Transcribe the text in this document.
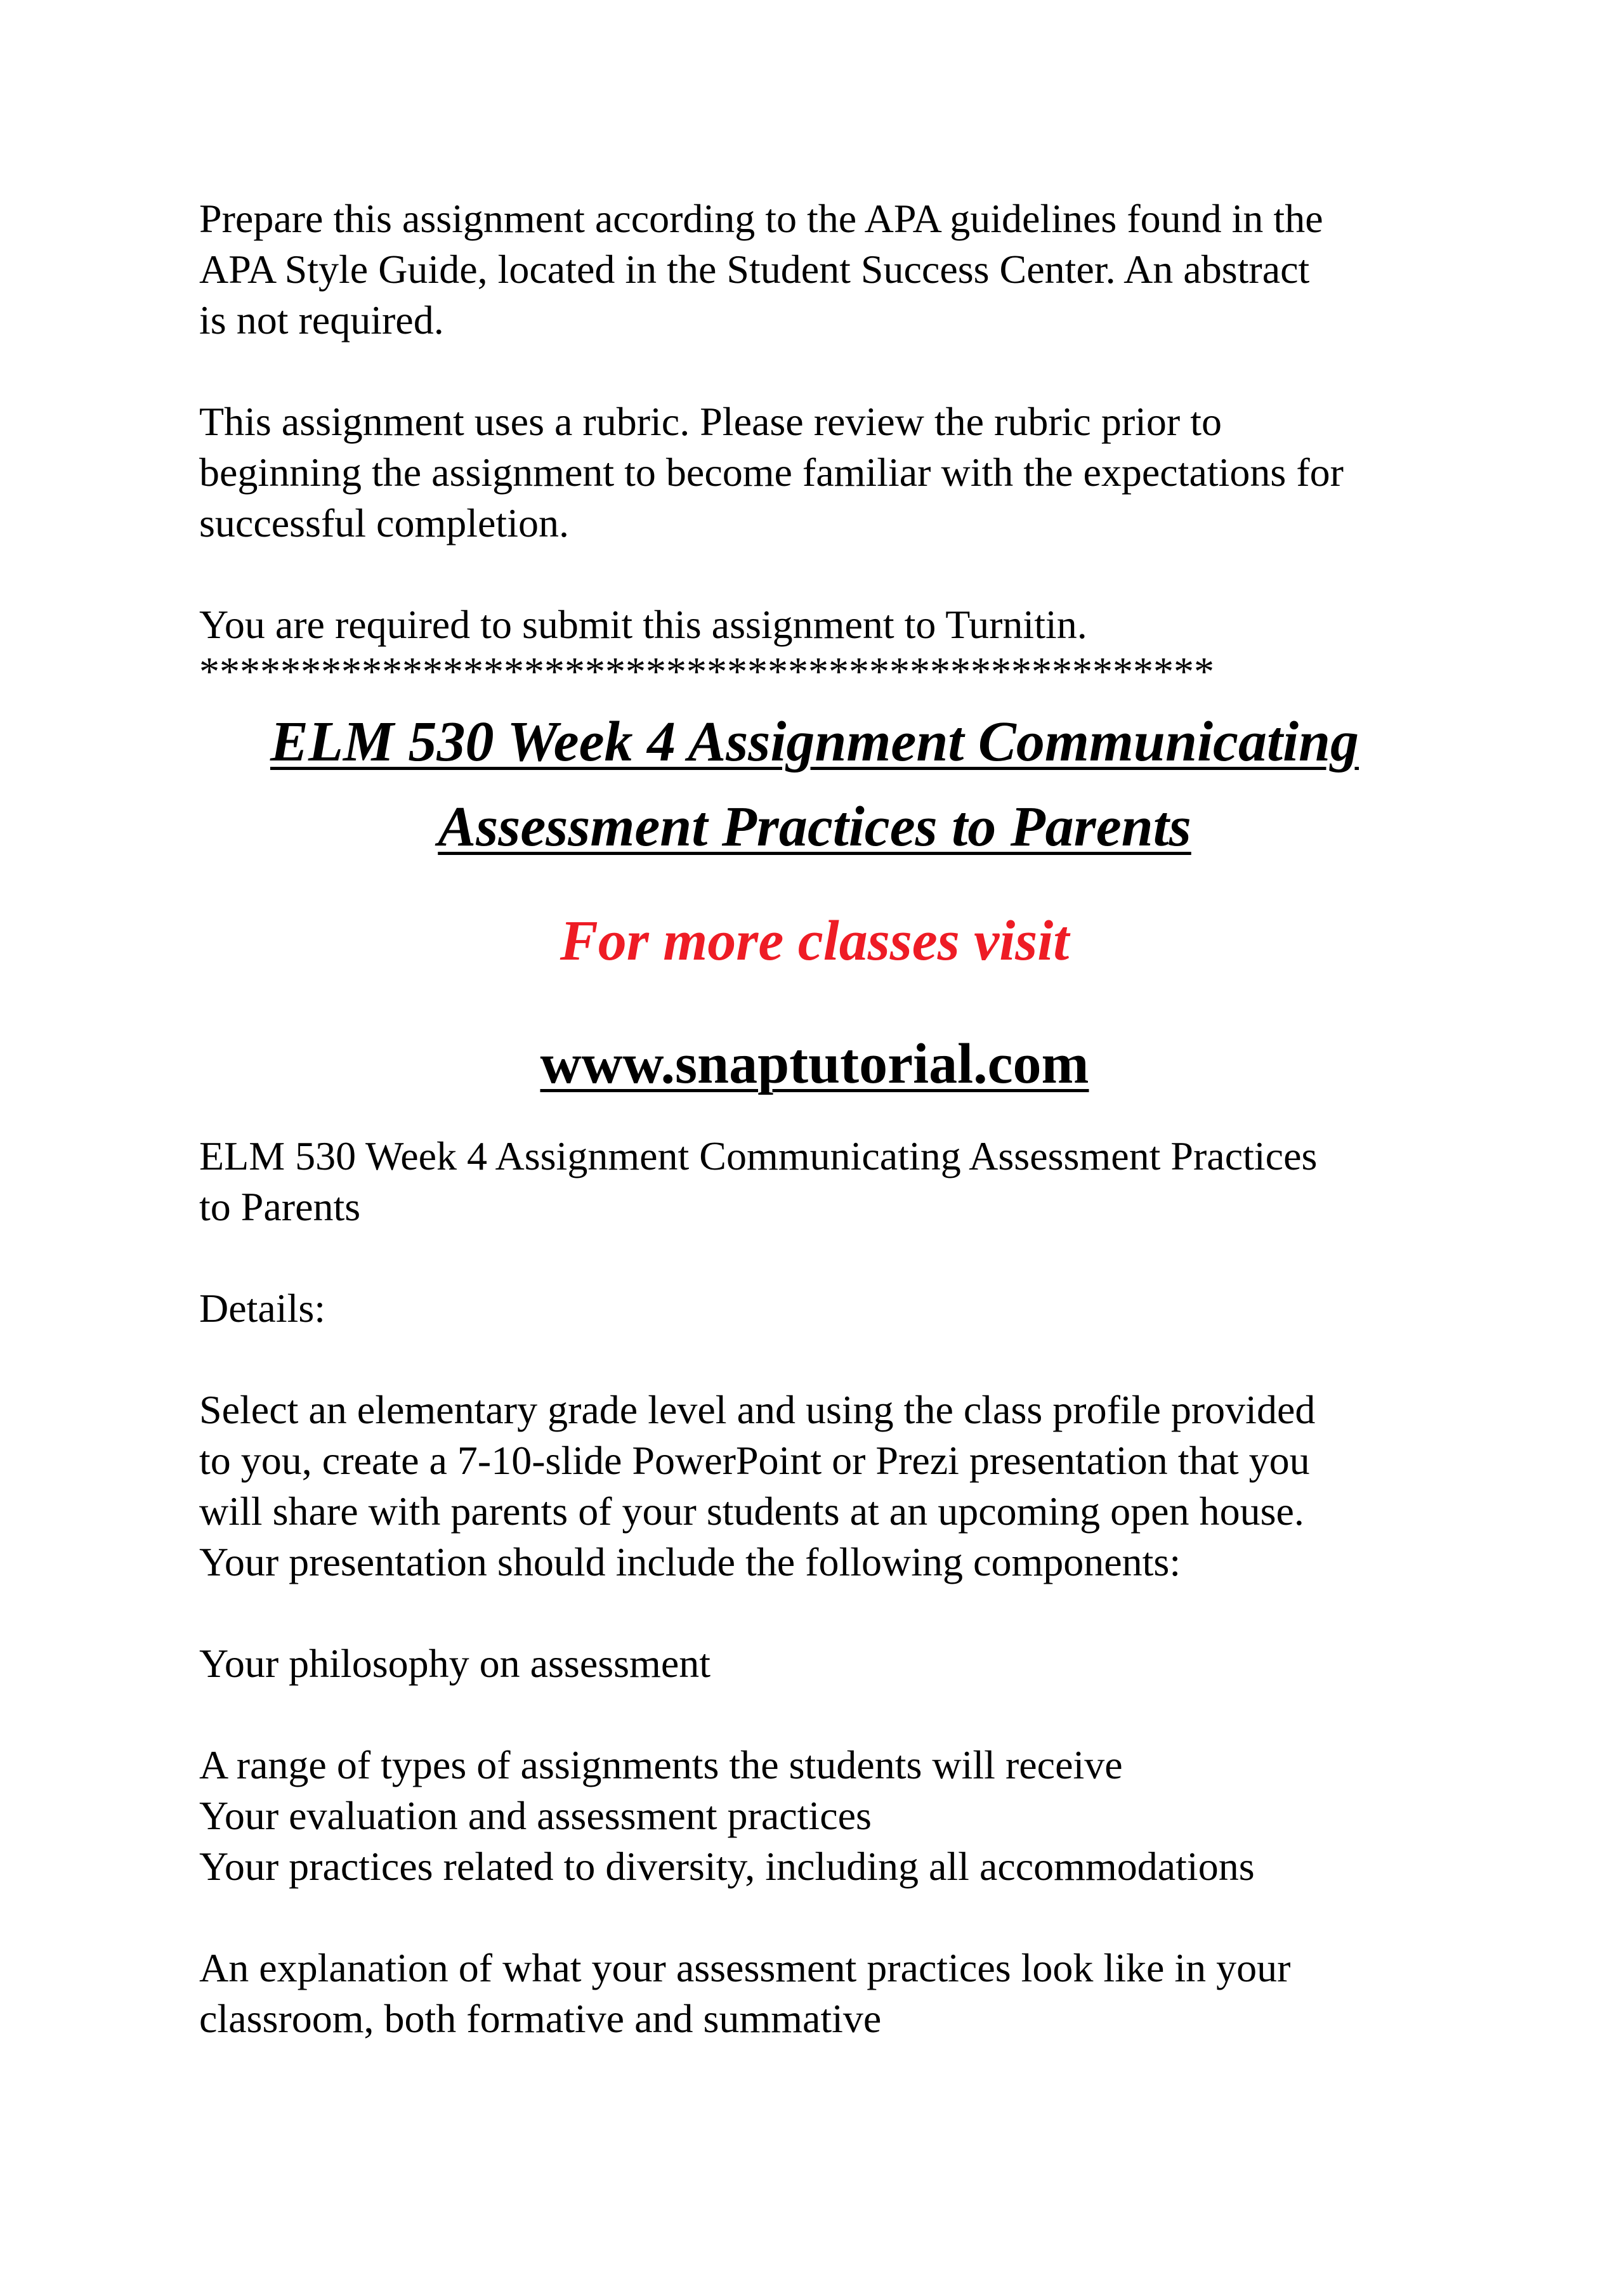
Prepare this assignment according to the APA guidelines found in the

APA Style Guide, located in the Student Success Center. An abstract

is not required.

This assignment uses a rubric. Please review the rubric prior to

beginning the assignment to become familiar with the expectations for

successful completion.

You are required to submit this assignment to Turnitin.

**************************************************

ELM 530 Week 4 Assignment Communicating

Assessment Practices to Parents

For more classes visit

www.snaptutorial.com

ELM 530 Week 4 Assignment Communicating Assessment Practices

to Parents

Details:

Select an elementary grade level and using the class profile provided

to you, create a 7-10-slide PowerPoint or Prezi presentation that you

will share with parents of your students at an upcoming open house.

Your presentation should include the following components:

Your philosophy on assessment

A range of types of assignments the students will receive

Your evaluation and assessment practices

Your practices related to diversity, including all accommodations

An explanation of what your assessment practices look like in your

classroom, both formative and summative
